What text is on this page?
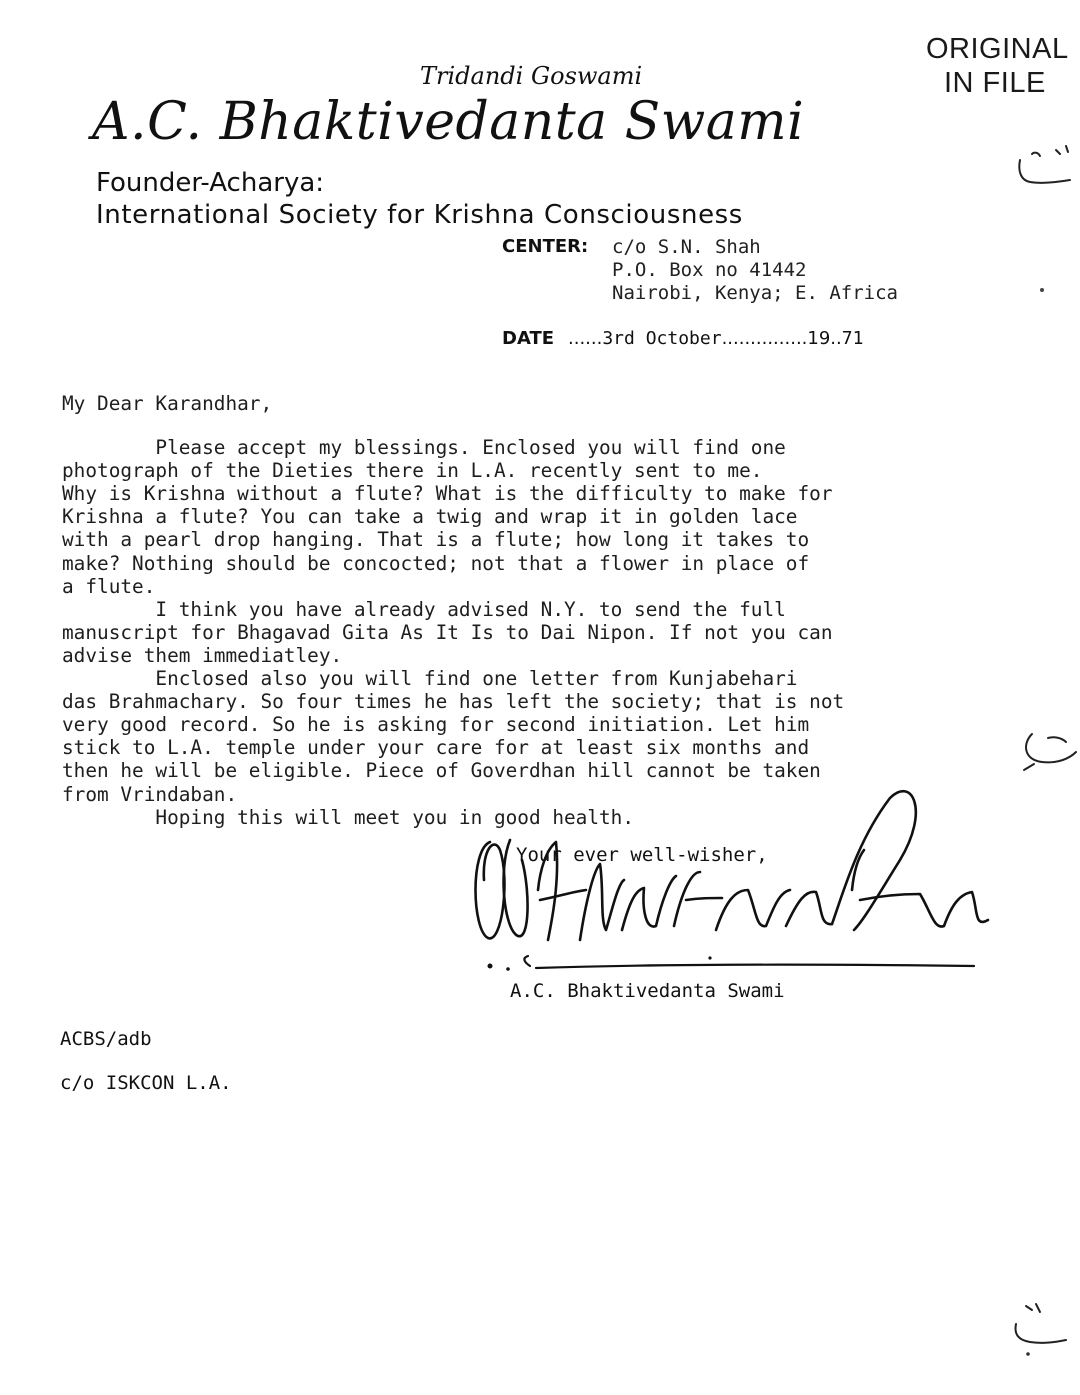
ORIGINAL
IN FILE
Tridandi Goswami
A.C. Bhaktivedanta Swami
Founder-Acharya:
International Society for Krishna Consciousness
CENTER: c/o S.N. Shah
P.O. Box no 41442
Nairobi, Kenya; E. Africa
DATE ......3rd October...............19..71

My Dear Karandhar,

Please accept my blessings. Enclosed you will find one

photograph of the Dieties there in L.A. recently sent to me.

Why is Krishna without a flute? What is the difficulty to make for

Krishna a flute? You can take a twig and wrap it in golden lace

with a pearl drop hanging. That is a flute; how long it takes to

make? Nothing should be concocted; not that a flower in place of

a flute.

I think you have already advised N.Y. to send the full

manuscript for Bhagavad Gita As It Is to Dai Nipon. If not you can

advise them immediatley.

Enclosed also you will find one letter from Kunjabehari

das Brahmachary. So four times he has left the society; that is not

very good record. So he is asking for second initiation. Let him

stick to L.A. temple under your care for at least six months and

then he will be eligible. Piece of Goverdhan hill cannot be taken

from Vrindaban.

Hoping this will meet you in good health.

Your ever well-wisher,
A.C. Bhaktivedanta Swami
ACBS/adb
c/o ISKCON L.A.
